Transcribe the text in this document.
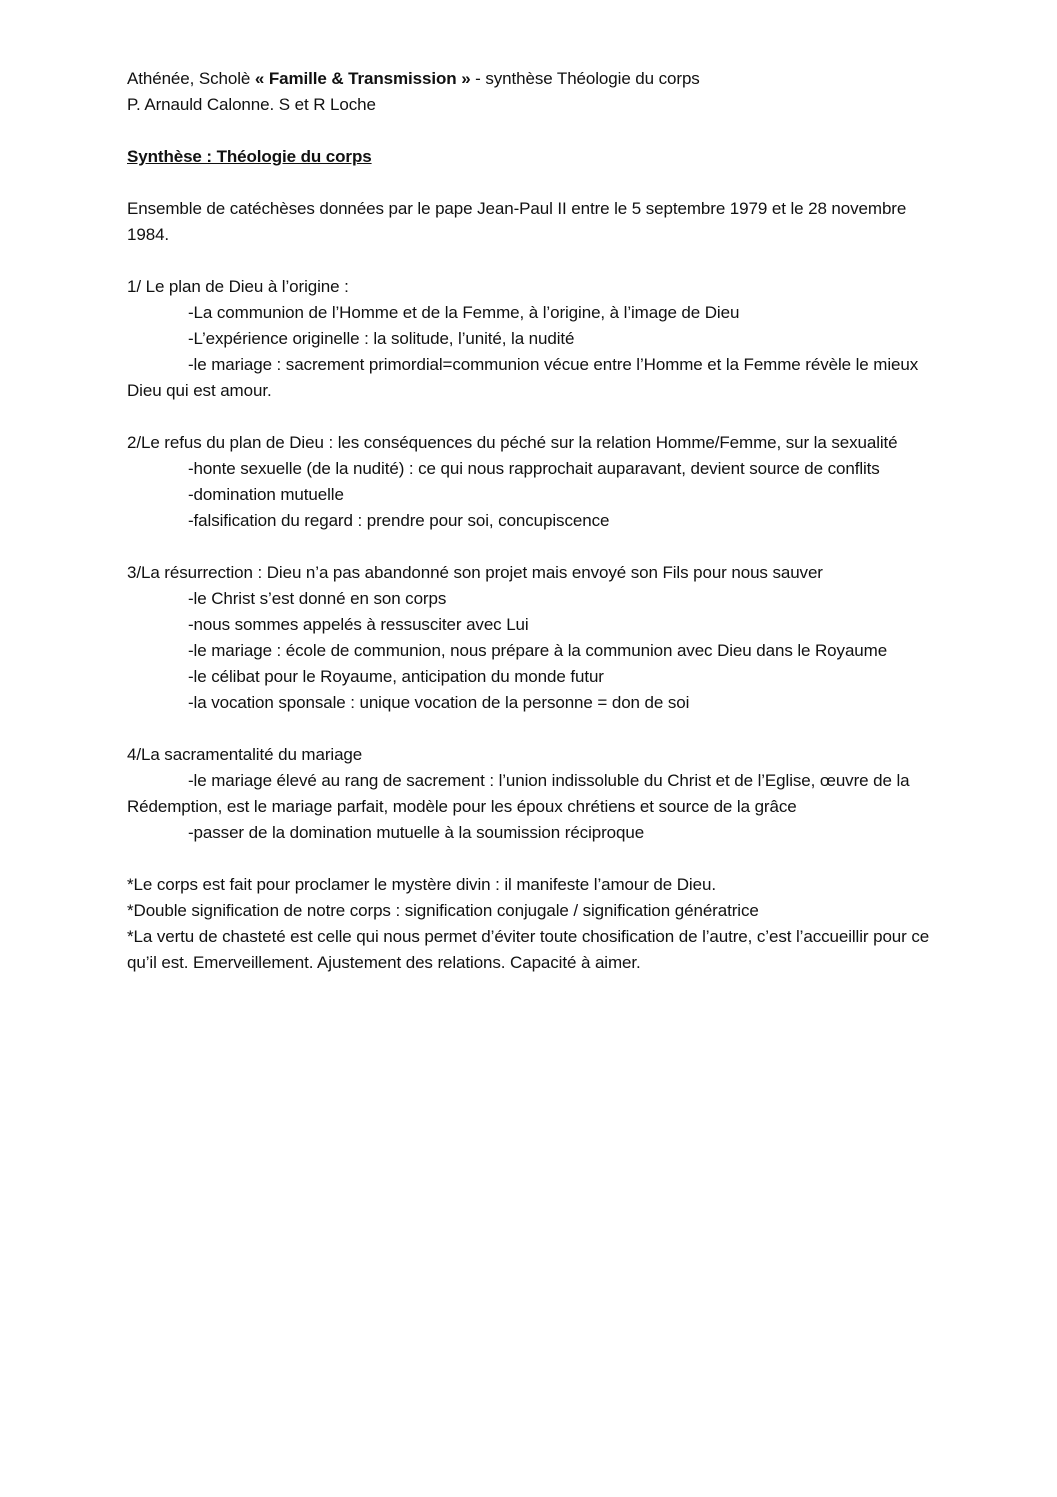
Athénée, Scholè « Famille & Transmission » - synthèse Théologie du corps
P. Arnauld Calonne. S et R Loche
Synthèse : Théologie du corps
Ensemble de catéchèses données par le pape Jean-Paul II entre le 5 septembre 1979 et le 28 novembre 1984.
1/ Le plan de Dieu à l’origine :
-La communion de l’Homme et de la Femme, à l’origine, à l’image de Dieu
-L’expérience originelle : la solitude, l’unité, la nudité
-le mariage : sacrement primordial=communion vécue entre l’Homme et la Femme révèle le mieux Dieu qui est amour.
2/Le refus du plan de Dieu : les conséquences du péché sur la relation Homme/Femme, sur la sexualité
-honte sexuelle (de la nudité) : ce qui nous rapprochait auparavant, devient source de conflits
-domination mutuelle
-falsification du regard : prendre pour soi, concupiscence
3/La résurrection : Dieu n’a pas abandonné son projet mais envoyé son Fils pour nous sauver
-le Christ s’est donné en son corps
-nous sommes appelés à ressusciter avec Lui
-le mariage : école de communion, nous prépare à la communion avec Dieu dans le Royaume
-le célibat pour le Royaume, anticipation du monde futur
-la vocation sponsale : unique vocation de la personne = don de soi
4/La sacramentalité du mariage
-le mariage élevé au rang de sacrement : l’union indissoluble du Christ et de l’Eglise, œuvre de la Rédemption, est le mariage parfait, modèle pour les époux chrétiens et source de la grâce
-passer de la domination mutuelle à la soumission réciproque
*Le corps est fait pour proclamer le mystère divin : il manifeste l’amour de Dieu.
*Double signification de notre corps : signification conjugale / signification génératrice
*La vertu de chasteté est celle qui nous permet d’éviter toute chosification de l’autre, c’est l’accueillir pour ce qu’il est. Emerveillement. Ajustement des relations. Capacité à aimer.
